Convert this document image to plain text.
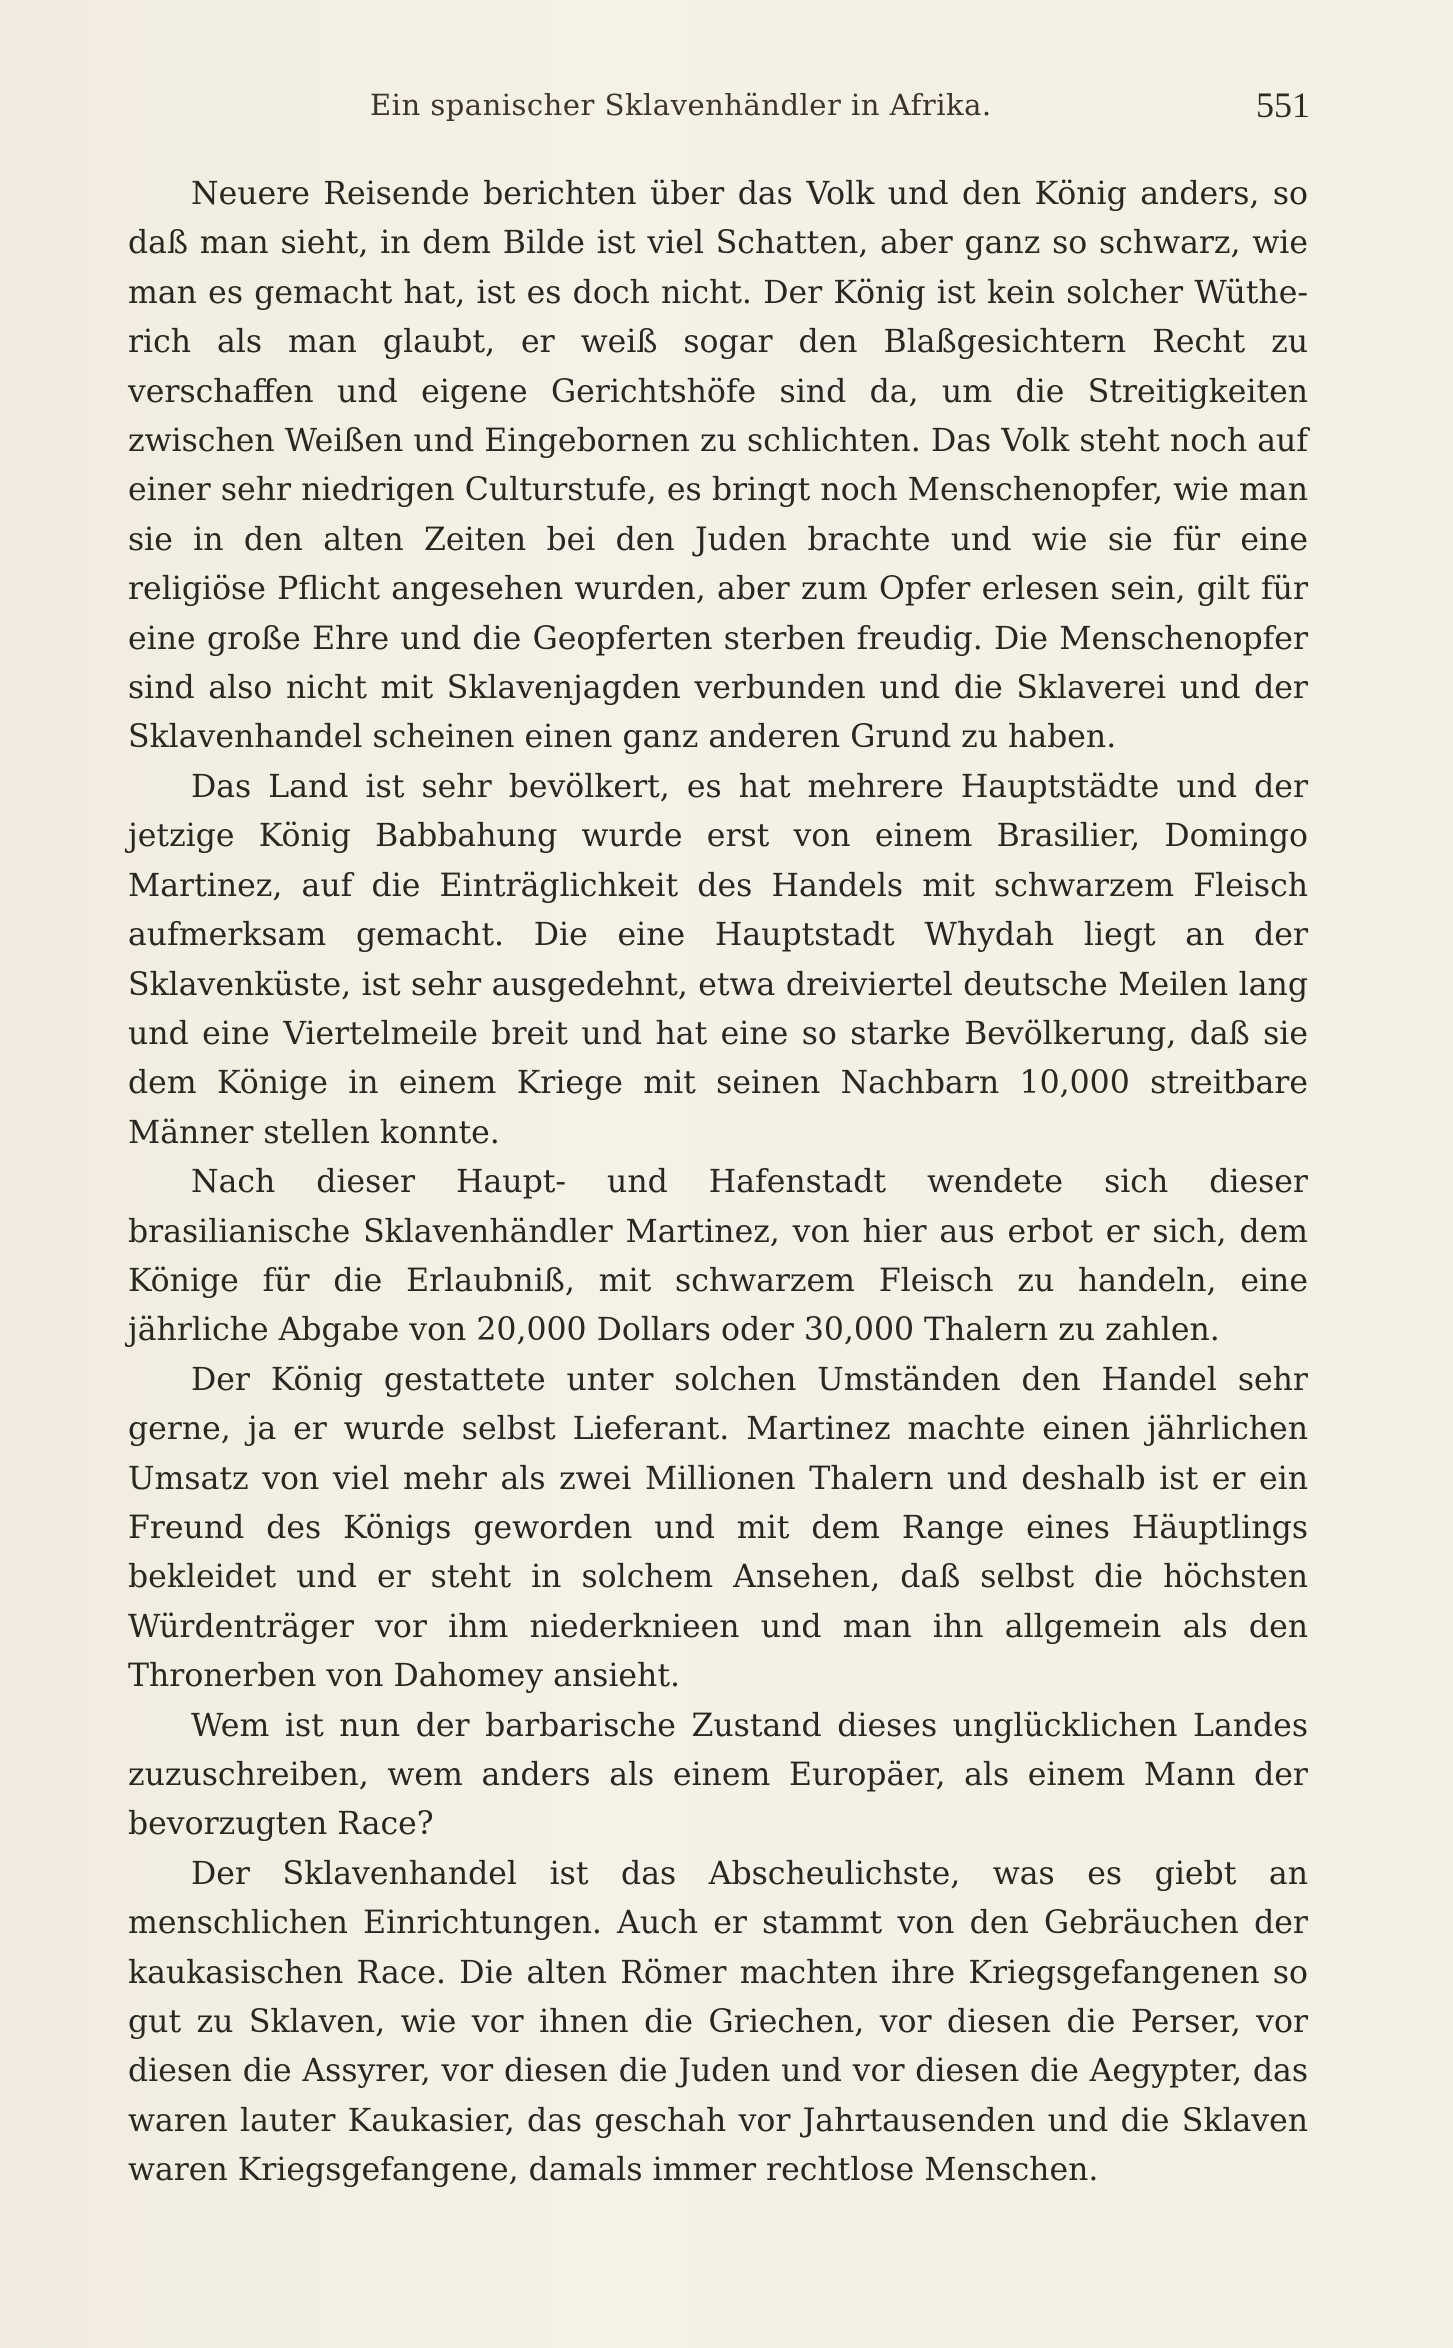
Ein spanischer Sklavenhändler in Afrika.	551

Neuere Reisende berichten über das Volk und den König anders, so daß man sieht, in dem Bilde ist viel Schatten, aber ganz so schwarz, wie man es gemacht hat, ist es doch nicht. Der König ist kein solcher Wütherich als man glaubt, er weiß sogar den Blaßgesichtern Recht zu verschaffen und eigene Gerichtshöfe sind da, um die Streitigkeiten zwischen Weißen und Eingebornen zu schlichten. Das Volk steht noch auf einer sehr niedrigen Culturstufe, es bringt noch Menschenopfer, wie man sie in den alten Zeiten bei den Juden brachte und wie sie für eine religiöse Pflicht angesehen wurden, aber zum Opfer erlesen sein, gilt für eine große Ehre und die Geopferten sterben freudig. Die Menschenopfer sind also nicht mit Sklavenjagden verbunden und die Sklaverei und der Sklavenhandel scheinen einen ganz anderen Grund zu haben.

Das Land ist sehr bevölkert, es hat mehrere Hauptstädte und der jetzige König Babbahung wurde erst von einem Brasilier, Domingo Martinez, auf die Einträglichkeit des Handels mit schwarzem Fleisch aufmerksam gemacht. Die eine Hauptstadt Whydah liegt an der Sklavenküste, ist sehr ausgedehnt, etwa dreiviertel deutsche Meilen lang und eine Viertelmeile breit und hat eine so starke Bevölkerung, daß sie dem Könige in einem Kriege mit seinen Nachbarn 10,000 streitbare Männer stellen konnte.

Nach dieser Haupt- und Hafenstadt wendete sich dieser brasilianische Sklavenhändler Martinez, von hier aus erbot er sich, dem Könige für die Erlaubniß, mit schwarzem Fleisch zu handeln, eine jährliche Abgabe von 20,000 Dollars oder 30,000 Thalern zu zahlen.

Der König gestattete unter solchen Umständen den Handel sehr gerne, ja er wurde selbst Lieferant. Martinez machte einen jährlichen Umsatz von viel mehr als zwei Millionen Thalern und deshalb ist er ein Freund des Königs geworden und mit dem Range eines Häuptlings bekleidet und er steht in solchem Ansehen, daß selbst die höchsten Würdenträger vor ihm niederknieen und man ihn allgemein als den Thronerben von Dahomey ansieht.

Wem ist nun der barbarische Zustand dieses unglücklichen Landes zuzuschreiben, wem anders als einem Europäer, als einem Mann der bevorzugten Race?

Der Sklavenhandel ist das Abscheulichste, was es giebt an menschlichen Einrichtungen. Auch er stammt von den Gebräuchen der kaukasischen Race. Die alten Römer machten ihre Kriegsgefangenen so gut zu Sklaven, wie vor ihnen die Griechen, vor diesen die Perser, vor diesen die Assyrer, vor diesen die Juden und vor diesen die Aegypter, das waren lauter Kaukasier, das geschah vor Jahrtausenden und die Sklaven waren Kriegsgefangene, damals immer rechtlose Menschen.
